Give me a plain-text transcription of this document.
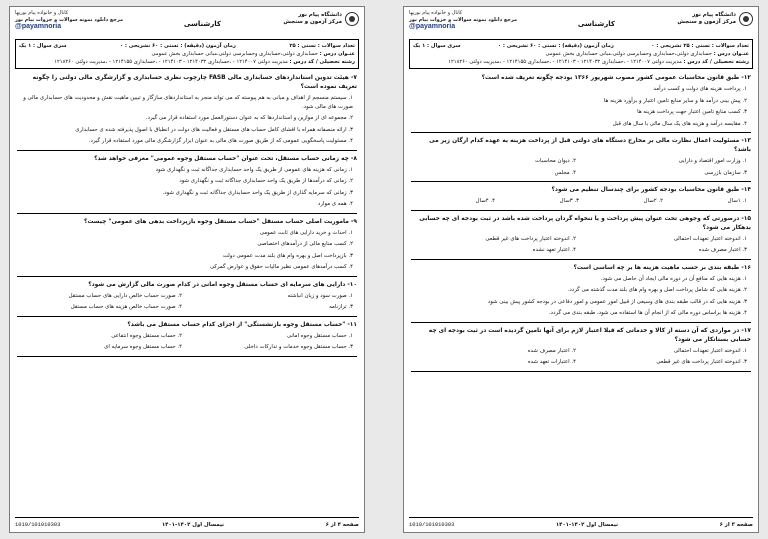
دانشگاه پیام نور
مرکز آزمون و سنجش
کارشناسی
کانال و خانواده پیام نوریها
مرجع دانلود نمونه سوالات و جزوات پیام نور
@payamnoria
تعداد سوالات : تستی : ۲۵ تشریحی : ۰
زمان آزمون (دقیقه) : تستی : ۶۰ تشریحی : ۰
سری سوال : ۱ یک
عنـوان درس : حسابداری دولتی،حسابداری وحسابرسی دولتی،مبانی حسابداری بخش عمومی
رشته تحصیلی / کد درس : مدیریت دولتی ۱۲۱۴۰۰۷ - ،حسابداری ۱۲۱۴۰۳۲ - ۱۲۱۴۱۰۳ - ،حسابداری ۱۲۱۴۱۵۵ - ،مدیریت دولتی ۱۲۱۸۲۶۰
۱۲- طبق قانون محاسبات عمومی کشور مصوب شهریور ۱۳۶۶ بودجه چگونه تعریف شده است؟
۱. پرداخت هزینه های دولت و کسب درآمد
۲. پیش بینی درآمد ها و سایر منابع تامین اعتبار و برآورد هزینه ها
۳. کسب منابع تامین اعتبار جهت پرداخت هزینه ها
۴. مقایسه درآمد و هزینه های یک سال مالی با سال های قبل
۱۳- مسئولیت اعمال نظارت مالی بر مخارج دستگاه های دولتی قبل از پرداخت هزینه به عهده کدام ارگان زیر می باشد؟
۱. وزارت امور اقتصاد و دارایی
۲. دیوان محاسبات
۳. سازمان بازرسی
۴. مجلس
۱۴- طبق قانون محاسبات بودجه کشور برای چندسال تنظیم می شود؟
۱. ۱سال
۲. ۲سال
۳. ۳سال
۴. ۴سال
۱۵- درصورتی که وجوهی تحت عنوان پیش پرداخت و یا تنخواه گردان پرداخت شده باشد در ثبت بودجه ای چه حسابی بدهکار می شود؟
۱. اندوخته اعتبار تعهدات احتمالی
۲. اندوخته اعتبار پرداخت های غیر قطعی
۳. اعتبار مصرف شده
۴. اعتبار تعهد نشده
۱۶- طبقه بندی بر حسب ماهیت هزینه ها بر چه اساسی است؟
۱. هزینه هایی که منافع آن در دوره مالی ایجاد آن حاصل می شود.
۲. هزینه هایی که شامل پرداخت اصل و بهره وام های بلند مدت گذشته می گردد.
۳. هزینه هایی که در قالب طبقه بندی های وسیعی از قبیل امور عمومی و امور دفاعی در بودجه کشور پیش بینی شود
۴. هزینه ها براساس دوره مالی که از انجام آن ها استفاده می شود، طبقه بندی می گردد.
۱۷- در مواردی که آن دسته از کالا و خدماتی که قبلا اعتبار لازم برای آنها تامین گردیده است در ثبت بودجه ای چه حسابی بستانکار می شود؟
۱. اندوخته اعتبار تعهدات احتمالی
۲. اعتبار مصرف شده
۳. اندوخته اعتبار پرداخت های غیر قطعی
۴. اعتبارات تعهد شده
صفحه ۳ از ۶
نیمسال اول ۱۴۰۲-۱۴۰۱
1010/101010303
دانشگاه پیام نور
مرکز آزمون و سنجش
کارشناسی
کانال و خانواده پیام نوریها
مرجع دانلود نمونه سوالات و جزوات پیام نور
@payamnoria
تعداد سوالات : تستی : ۲۵
زمان آزمون (دقیقه) : تستی : ۶۰ تشریحی : ۰
سری سوال : ۱ یک
عنـوان درس : حسابداری دولتی،حسابداری وحسابرسی دولتی،مبانی حسابداری بخش عمومی
رشته تحصیلی / کد درس : مدیریت دولتی ۱۲۱۴۰۰۷ - ،حسابداری ۱۲۱۴۰۳۲ - ۱۲۱۴۱۰۳ - ،حسابداری ۱۲۱۴۱۵۵ - ،مدیریت دولتی ۱۲۱۸۲۶۰
۷- هیئت تدوین استانداردهای حسابداری مالی FASB چارچوب نظری حسابداری و گزارشگری مالی دولتی را چگونه تعریف نموده است؟
۱. سیستم منسجم از اهداف و مبانی به هم پیوسته که می تواند منجر به استانداردهای سازگار و تبیین ماهیت نقش و محدودیت های حسابداری مالی و صورت های مالی شود.
۲. مجموعه ای از موازین و استانداردها که به عنوان دستورالعمل مورد استفاده قرار می گیرد.
۳. ارائه منصفانه همراه با افشای کامل حساب های مستقل و فعالیت های دولت در انطباق با اصول پذیرفته شده ی حسابداری
۴. مسئولیت پاسخگویی عمومی که از طریق صورت های مالی به عنوان ابزار گزارشگری مالی مورد استفاده قرار گیرد.
۸- چه زمانی حساب مستقل، تحت عنوان "حساب مستقل وجوه عمومی" معرفی خواهد شد؟
۱. زمانی که هزینه های عمومی از طریق یک واحد حسابداری جداگانه ثبت و نگهداری شود
۲. زمانی که درآمدها از طریق یک واحد حسابداری جداگانه ثبت و نگهداری شود
۳. زمانی که سرمایه گذاری از طریق یک واحد حسابداری جداگانه ثبت و نگهداری شود.
۴. همه ی موارد
۹- ماموریت اصلی حساب مستقل "حساب مستقل وجوه بازپرداخت بدهی های عمومی" چیست؟
۱. احداث و خرید دارایی های ثابت عمومی
۲. کسب منابع مالی از درآمدهای اختصاصی
۳. بازپرداخت اصل و بهره وام های بلند مدت عمومی دولت
۴. کسب درآمدهای عمومی نظیر مالیات حقوق و عوارض گمرکی
۱۰- دارایی های سرمایه ای حساب مستقل وجوه امانی در کدام صورت مالی گزارش می شود؟
۱. صورت سود و زیان انباشته
۲. صورت حساب خالص دارایی های حساب مستقل
۳. ترازنامه
۴. صورت حساب خالص هزینه های حساب مستقل
۱۱- "حساب مستقل وجوه بازنشستگی" از اجزای کدام حساب مستقل می باشد؟
۱. حساب مستقل وجوه امانی
۲. حساب مستقل وجوه انتفاعی
۳. حساب مستقل وجوه خدمات و تدارکات داخلی
۴. حساب مستقل وجوه سرمایه ای
صفحه ۴ از ۶
نیمسال اول ۱۴۰۲-۱۴۰۱
1010/101010303
